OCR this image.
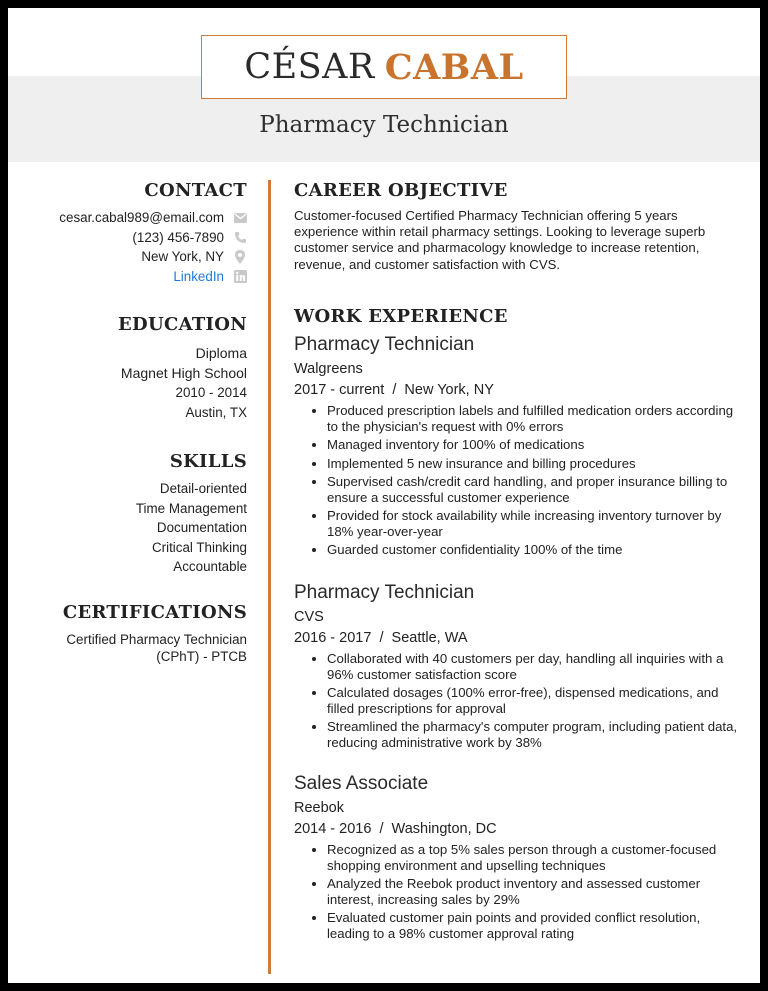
CÉSAR CABAL
Pharmacy Technician
CONTACT
cesar.cabal989@email.com
(123) 456-7890
New York, NY
LinkedIn
EDUCATION
Diploma
Magnet High School
2010 - 2014
Austin, TX
SKILLS
Detail-oriented
Time Management
Documentation
Critical Thinking
Accountable
CERTIFICATIONS
Certified Pharmacy Technician
(CPhT) - PTCB
CAREER OBJECTIVE
Customer-focused Certified Pharmacy Technician offering 5 years experience within retail pharmacy settings. Looking to leverage superb customer service and pharmacology knowledge to increase retention, revenue, and customer satisfaction with CVS.
WORK EXPERIENCE
Pharmacy Technician
Walgreens
2017 - current  /  New York, NY
• Produced prescription labels and fulfilled medication orders according to the physician's request with 0% errors
• Managed inventory for 100% of medications
• Implemented 5 new insurance and billing procedures
• Supervised cash/credit card handling, and proper insurance billing to ensure a successful customer experience
• Provided for stock availability while increasing inventory turnover by 18% year-over-year
• Guarded customer confidentiality 100% of the time
Pharmacy Technician
CVS
2016 - 2017  /  Seattle, WA
• Collaborated with 40 customers per day, handling all inquiries with a 96% customer satisfaction score
• Calculated dosages (100% error-free), dispensed medications, and filled prescriptions for approval
• Streamlined the pharmacy's computer program, including patient data, reducing administrative work by 38%
Sales Associate
Reebok
2014 - 2016  /  Washington, DC
• Recognized as a top 5% sales person through a customer-focused shopping environment and upselling techniques
• Analyzed the Reebok product inventory and assessed customer interest, increasing sales by 29%
• Evaluated customer pain points and provided conflict resolution, leading to a 98% customer approval rating
